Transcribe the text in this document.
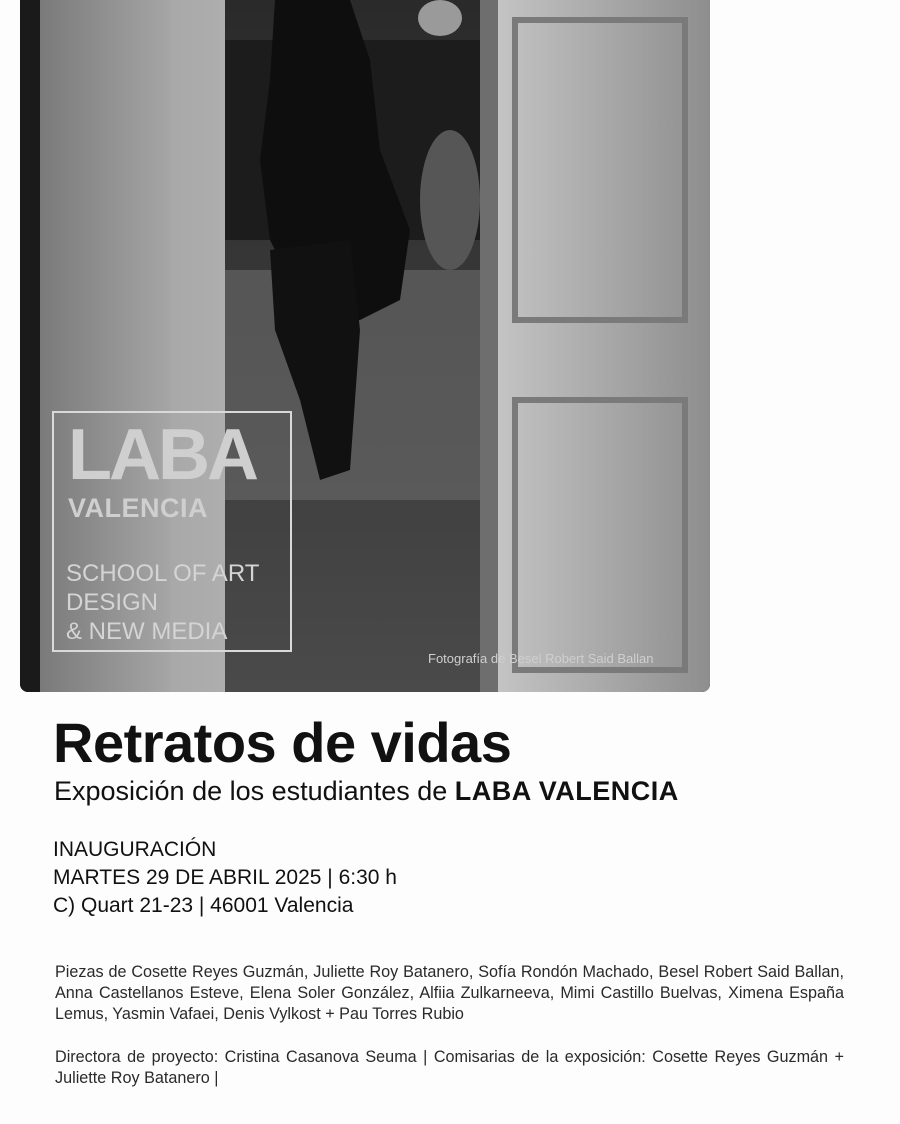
LABA
VALENCIA
SCHOOL OF ART
DESIGN
& NEW MEDIA
Fotografía de Besel Robert Said Ballan
Retratos de vidas
Exposición de los estudiantes de LABA VALENCIA
INAUGURACIÓN
MARTES 29 DE ABRIL 2025 | 6:30 h
C) Quart 21-23 | 46001 Valencia
Piezas de Cosette Reyes Guzmán, Juliette Roy Batanero, Sofía Rondón Machado, Besel Robert Said Ballan, Anna Castellanos Esteve, Elena Soler González, Alfiia Zulkarneeva, Mimi Castillo Buelvas, Ximena España Lemus, Yasmin Vafaei, Denis Vylkost + Pau Torres Rubio
Directora de proyecto: Cristina Casanova Seuma | Comisarias de la exposición: Cosette Reyes Guzmán + Juliette Roy Batanero |
